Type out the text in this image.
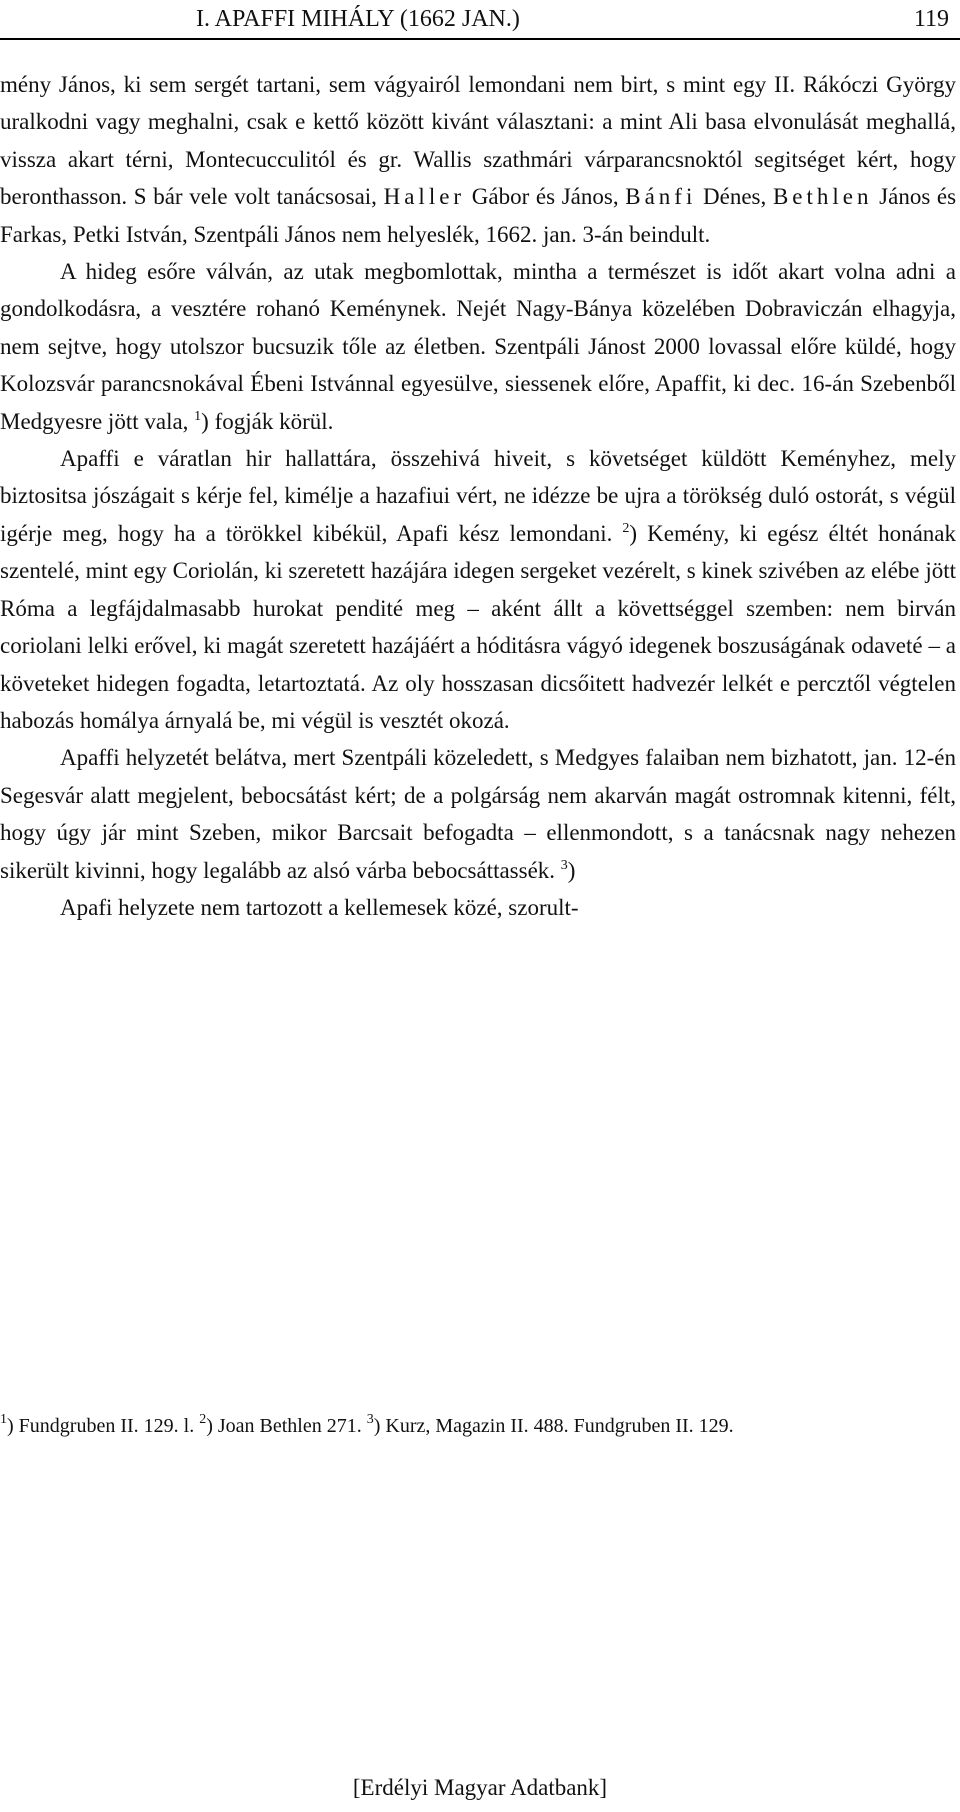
I. APAFFI MIHÁLY (1662 JAN.)	119

mény János, ki sem sergét tartani, sem vágyairól lemondani nem birt, s mint egy II. Rákóczi György uralkodni vagy meghalni, csak e kettő között kivánt választani: a mint Ali basa elvonulását meghallá, vissza akart térni, Montecucculitól és gr. Wallis szathmári várparancsnoktól segitséget kért, hogy beronthasson. S bár vele volt tanácsosai, Haller Gábor és János, Bánfi Dénes, Bethlen János és Farkas, Petki István, Szentpáli János nem helyeslék, 1662. jan. 3-án beindult.

A hideg esőre válván, az utak megbomlottak, mintha a természet is időt akart volna adni a gondolkodásra, a vesztére rohanó Keménynek. Nejét Nagy-Bánya közelében Dobraviczán elhagyja, nem sejtve, hogy utolszor bucsuzik tőle az életben. Szentpáli Jánost 2000 lovassal előre küldé, hogy Kolozsvár parancsnokával Ébeni Istvánnal egyesülve, siessenek előre, Apaffit, ki dec. 16-án Szebenből Medgyesre jött vala, $^1$) fogják körül.

Apaffi e váratlan hir hallattára, összehivá hiveit, s követséget küldött Keményhez, mely biztositsa jószágait s kérje fel, kimélje a hazafiui vért, ne idézze be ujra a törökség duló ostorát, s végül igérje meg, hogy ha a törökkel kibékül, Apafi kész lemondani. $^2$) Kemény, ki egész éltét honának szentelé, mint egy Coriolán, ki szeretett hazájára idegen sergeket vezérelt, s kinek szivében az elébe jött Róma a legfájdalmasabb hurokat pendité meg – aként állt a követtséggel szemben: nem birván coriolani lelki erővel, ki magát szeretett hazájáért a hóditásra vágyó idegenek boszuságának odaveté – a követeket hidegen fogadta, letartoztatá. Az oly hosszasan dicsőitett hadvezér lelkét e percztől végtelen habozás homálya árnyalá be, mi végül is vesztét okozá.

Apaffi helyzetét belátva, mert Szentpáli közeledett, s Medgyes falaiban nem bizhatott, jan. 12-én Segesvár alatt megjelent, bebocsátást kért; de a polgárság nem akarván magát ostromnak kitenni, félt, hogy úgy jár mint Szeben, mikor Barcsait befogadta – ellenmondott, s a tanácsnak nagy nehezen sikerült kivinni, hogy legalább az alsó várba bebocsáttassék. $^3$)

Apafi helyzete nem tartozott a kellemesek közé, szorult-

$^1$) Fundgruben II. 129. l. $^2$) Joan Bethlen 271. $^3$) Kurz, Magazin II. 488. Fundgruben II. 129.

[Erdélyi Magyar Adatbank]
